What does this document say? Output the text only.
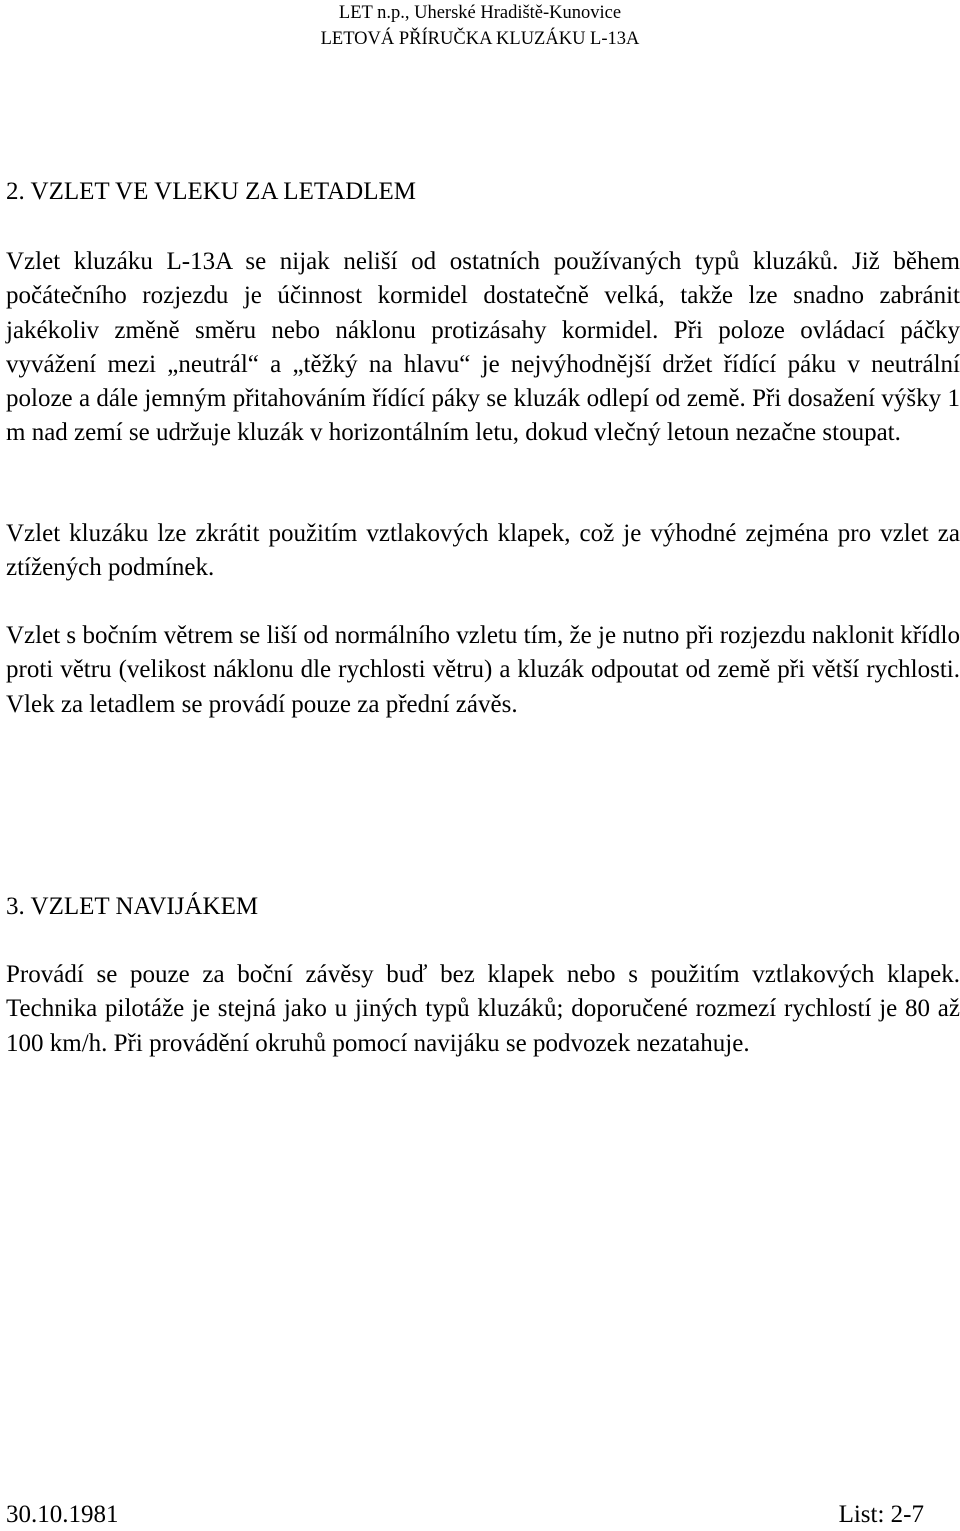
LET n.p., Uherské Hradiště-Kunovice
LETOVÁ PŘÍRUČKA KLUZÁKU L-13A
2. VZLET VE VLEKU ZA LETADLEM

Vzlet kluzáku L-13A se nijak neliší od ostatních používaných typů kluzáků. Již během počátečního rozjezdu je účinnost kormidel dostatečně velká, takže lze snadno zabránit jakékoliv změně směru nebo náklonu protizásahy kormidel. Při poloze ovládací páčky vyvážení mezi „neutrál“ a „těžký na hlavu“ je nejvýhodnější držet řídící páku v neutrální poloze a dále jemným přitahováním řídící páky se kluzák odlepí od země. Při dosažení výšky 1 m nad zemí se udržuje kluzák v horizontálním letu, dokud vlečný letoun nezačne stoupat.

Vzlet kluzáku lze zkrátit použitím vztlakových klapek, což je výhodné zejména pro vzlet za ztížených podmínek.

Vzlet s bočním větrem se liší od normálního vzletu tím, že je nutno při rozjezdu naklonit křídlo proti větru (velikost náklonu dle rychlosti větru) a kluzák odpoutat od země při větší rychlosti. Vlek za letadlem se provádí pouze za přední závěs.

3. VZLET NAVIJÁKEM

Provádí se pouze za boční závěsy buď bez klapek nebo s použitím vztlakových klapek. Technika pilotáže je stejná jako u jiných typů kluzáků; doporučené rozmezí rychlostí je 80 až 100 km/h. Při provádění okruhů pomocí navijáku se podvozek nezatahuje.

30.10.1981	List: 2-7
